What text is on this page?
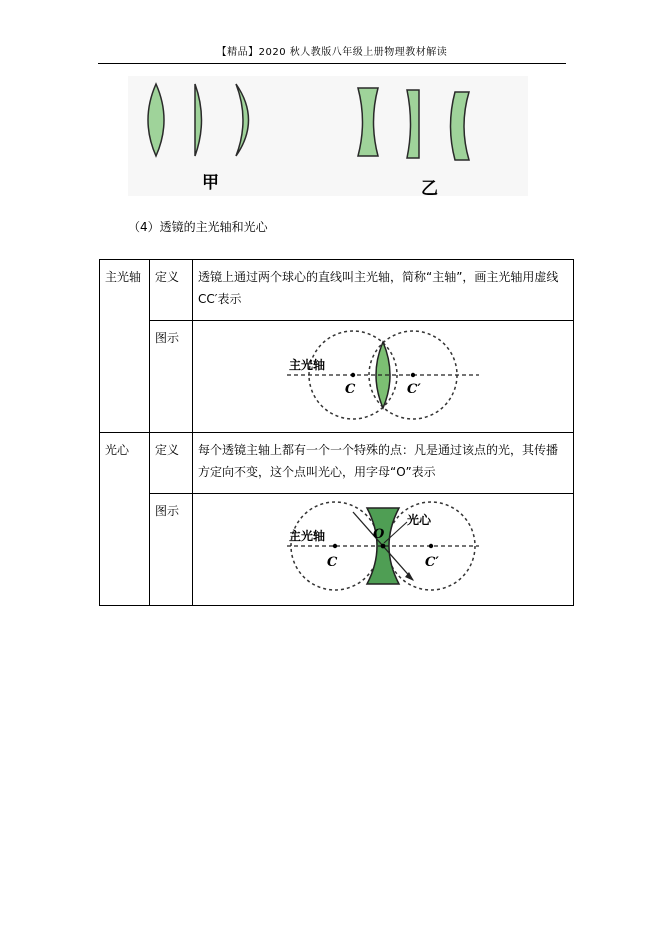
【精品】2020 秋人教版八年级上册物理教材解读
甲	乙
（4）透镜的主光轴和光心
主光轴	定义	透镜上通过两个球心的直线叫主光轴，简称“主轴”，画主光轴用虚线 CC′表示
	图示	主光轴
C C′

光心	定义	每个透镜主轴上都有一个一个特殊的点：凡是通过该点的光，其传播方定向不变，这个点叫光心，用字母“O”表示
	图示	主光轴
光心
O
C C′
